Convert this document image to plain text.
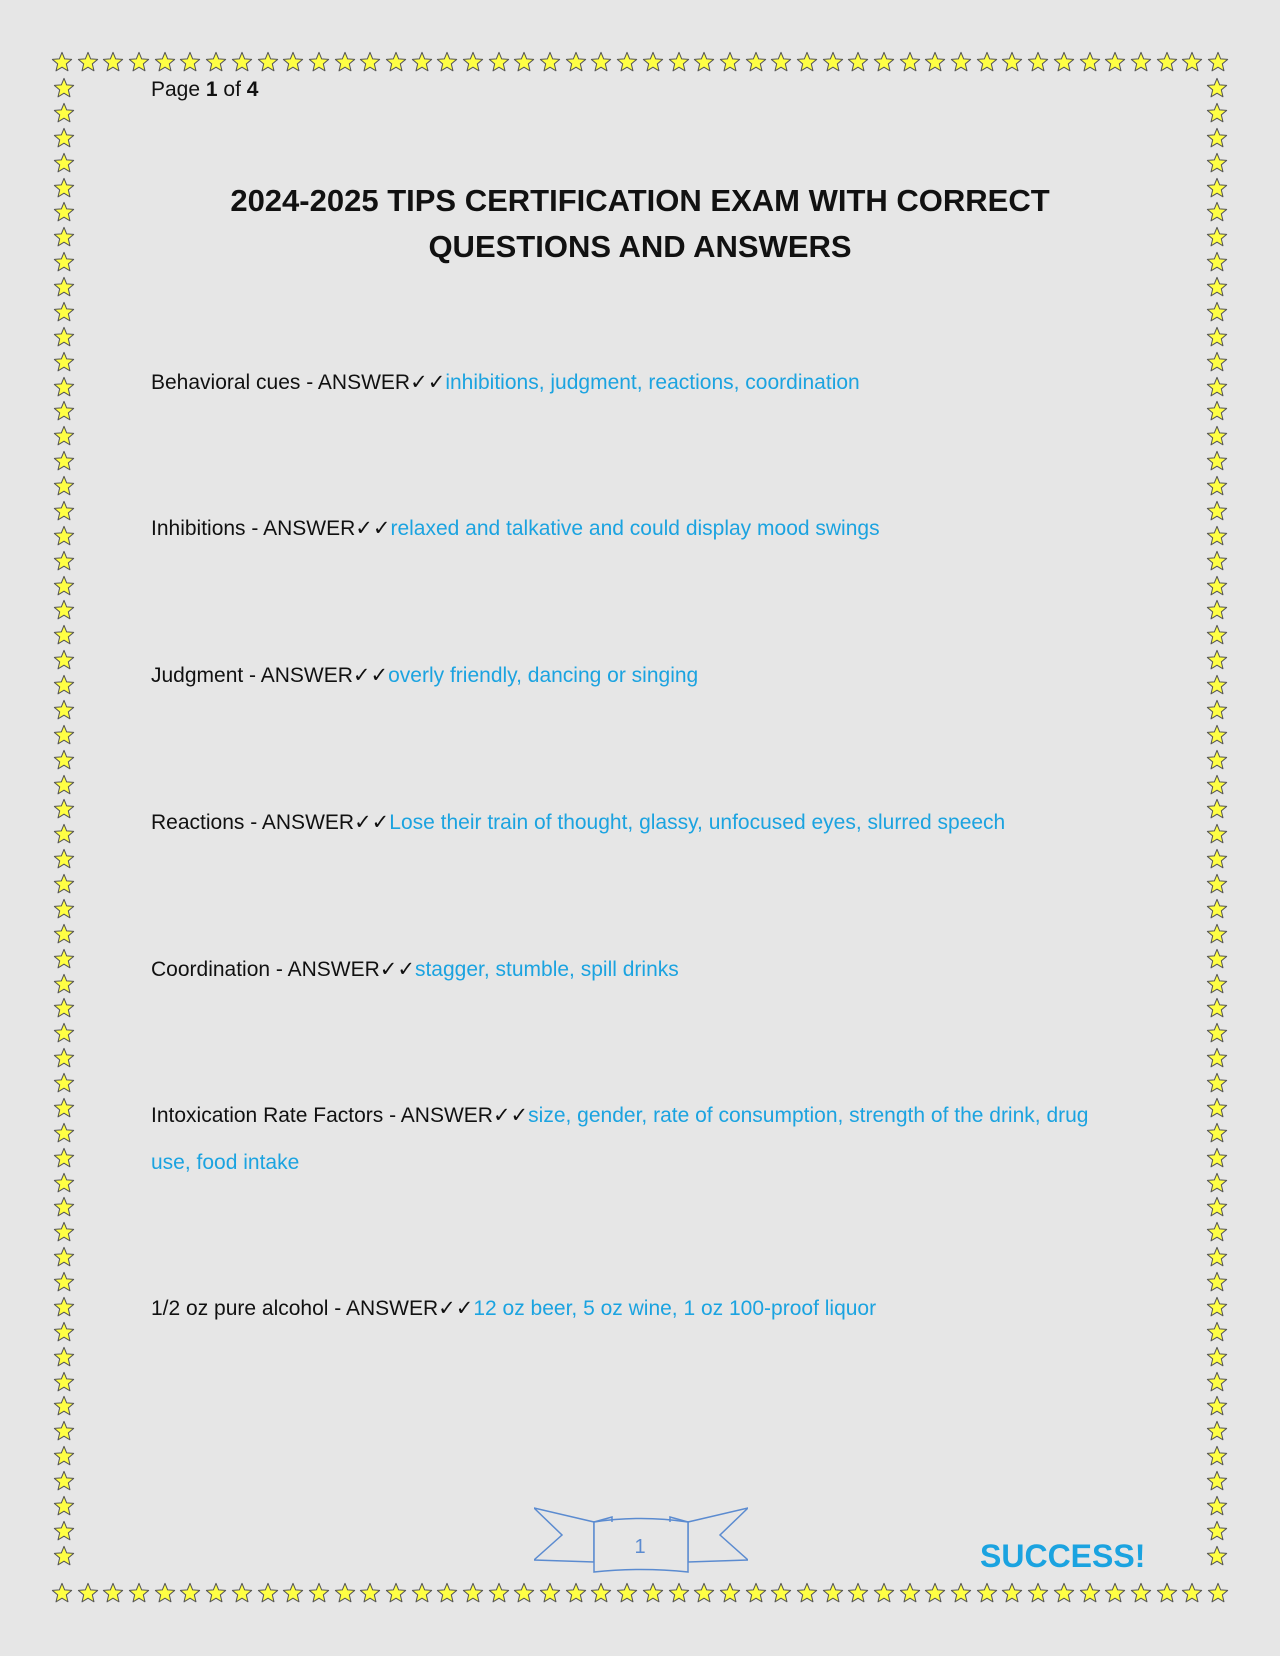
Page 1 of 4
2024-2025 TIPS CERTIFICATION EXAM WITH CORRECT
QUESTIONS AND ANSWERS
Behavioral cues - ANSWER✓✓inhibitions, judgment, reactions, coordination
Inhibitions - ANSWER✓✓relaxed and talkative and could display mood swings
Judgment - ANSWER✓✓overly friendly, dancing or singing
Reactions - ANSWER✓✓Lose their train of thought, glassy, unfocused eyes, slurred speech
Coordination - ANSWER✓✓stagger, stumble, spill drinks
Intoxication Rate Factors - ANSWER✓✓size, gender, rate of consumption, strength of the drink, drug use, food intake
1/2 oz pure alcohol - ANSWER✓✓12 oz beer, 5 oz wine, 1 oz 100-proof liquor
1	SUCCESS!
